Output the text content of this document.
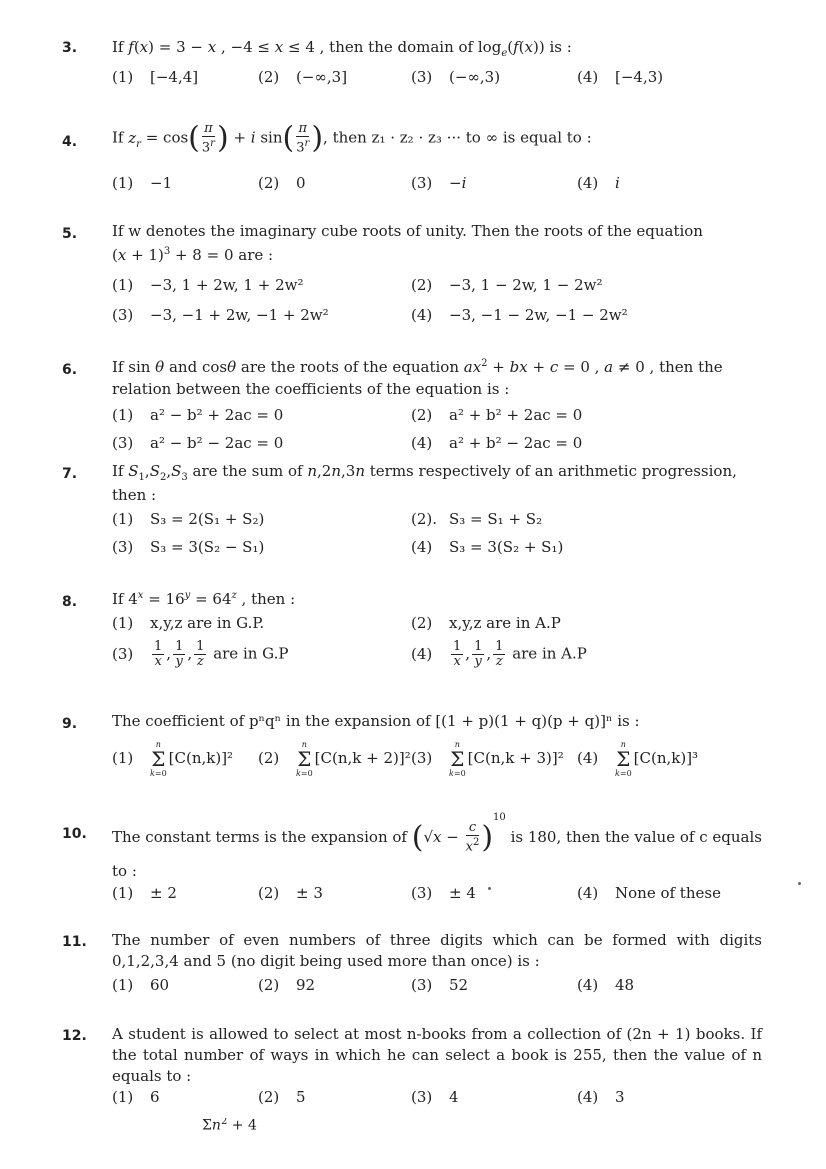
3. If f(x) = 3 − x , −4 ≤ x ≤ 4 , then the domain of $\log_e(f(x))$ is :
(1) [−4,4]	(2) (−∞,3]	(3) (−∞,3)	(4) [−4,3)
4. If $z_r = \cos( \frac{\pi}{3^r}$ ) + i $\sin( \frac{\pi}{3^r}$ ), then z₁ · z₂ · z₃ ··· to ∞ is equal to :
(1) −1	(2) 0	(3) −i	(4) i
5. If w denotes the imaginary cube roots of unity. Then the roots of the equation
$(x + 1)^3 + 8 = 0$ are :
(1) −3, 1 + 2w, 1 + 2w²	(2) −3, 1 − 2w, 1 − 2w²
(3) −3, −1 + 2w, −1 + 2w²	(4) −3, −1 − 2w, −1 − 2w²
6. If sin θ and cosθ are the roots of the equation $ax^2$ + bx + c = 0 , a ≠ 0 , then the
relation between the coefficients of the equation is :
(1) a² − b² + 2ac = 0	(2) a² + b² + 2ac = 0
(3) a² − b² − 2ac = 0	(4) a² + b² − 2ac = 0
7. If $S_1,S_2,S_3$ are the sum of n,2n,3n terms respectively of an arithmetic progression,
then :
(1) S₃ = 2(S₁ + S₂)	(2). S₃ = S₁ + S₂
(3) S₃ = 3(S₂ − S₁)	(4) S₃ = 3(S₂ + S₁)
8. If $4^x = 16^y = 64^z$ , then :
(1) x,y,z are in G.P.	(2) x,y,z are in A.P
$(3) \frac{1}{x}$ , $\frac{1}{y}$ , $\frac{1}{z}$ are in G.P	$(4) \frac{1}{x}$ , $\frac{1}{y}$ , $\frac{1}{z}$ are in A.P
9. The coefficient of pⁿqⁿ in the expansion of [(1 + p)(1 + q)(p + q)]ⁿ is :
(1)
n
Σ
k=0
[C(n,k)]² (2)
n
Σ
k=0
[C(n,k + 2)]² (3)
n
Σ
k=0
[C(n,k + 3)]² (4)
n
Σ
k=0
[C(n,k)]³
10. The constant terms is the expansion of $(√x - \frac{c}{x^2} )^{10}$ is 180, then the value of c equals
to :
(1) ± 2	(2) ± 3	(3) ± 4	(4) None of these
11. The number of even numbers of three digits which can be formed with digits 0,1,2,3,4 and 5 (no digit being used more than once) is :
(1) 60	(2) 92	(3) 52	(4) 48
12. A student is allowed to select at most n-books from a collection of (2n + 1) books. If the total number of ways in which he can select a book is 255, then the value of n equals to :
(1) 6	(2) 5	(3) 4	(4) 3
$\Sigma n^2 + 4$
